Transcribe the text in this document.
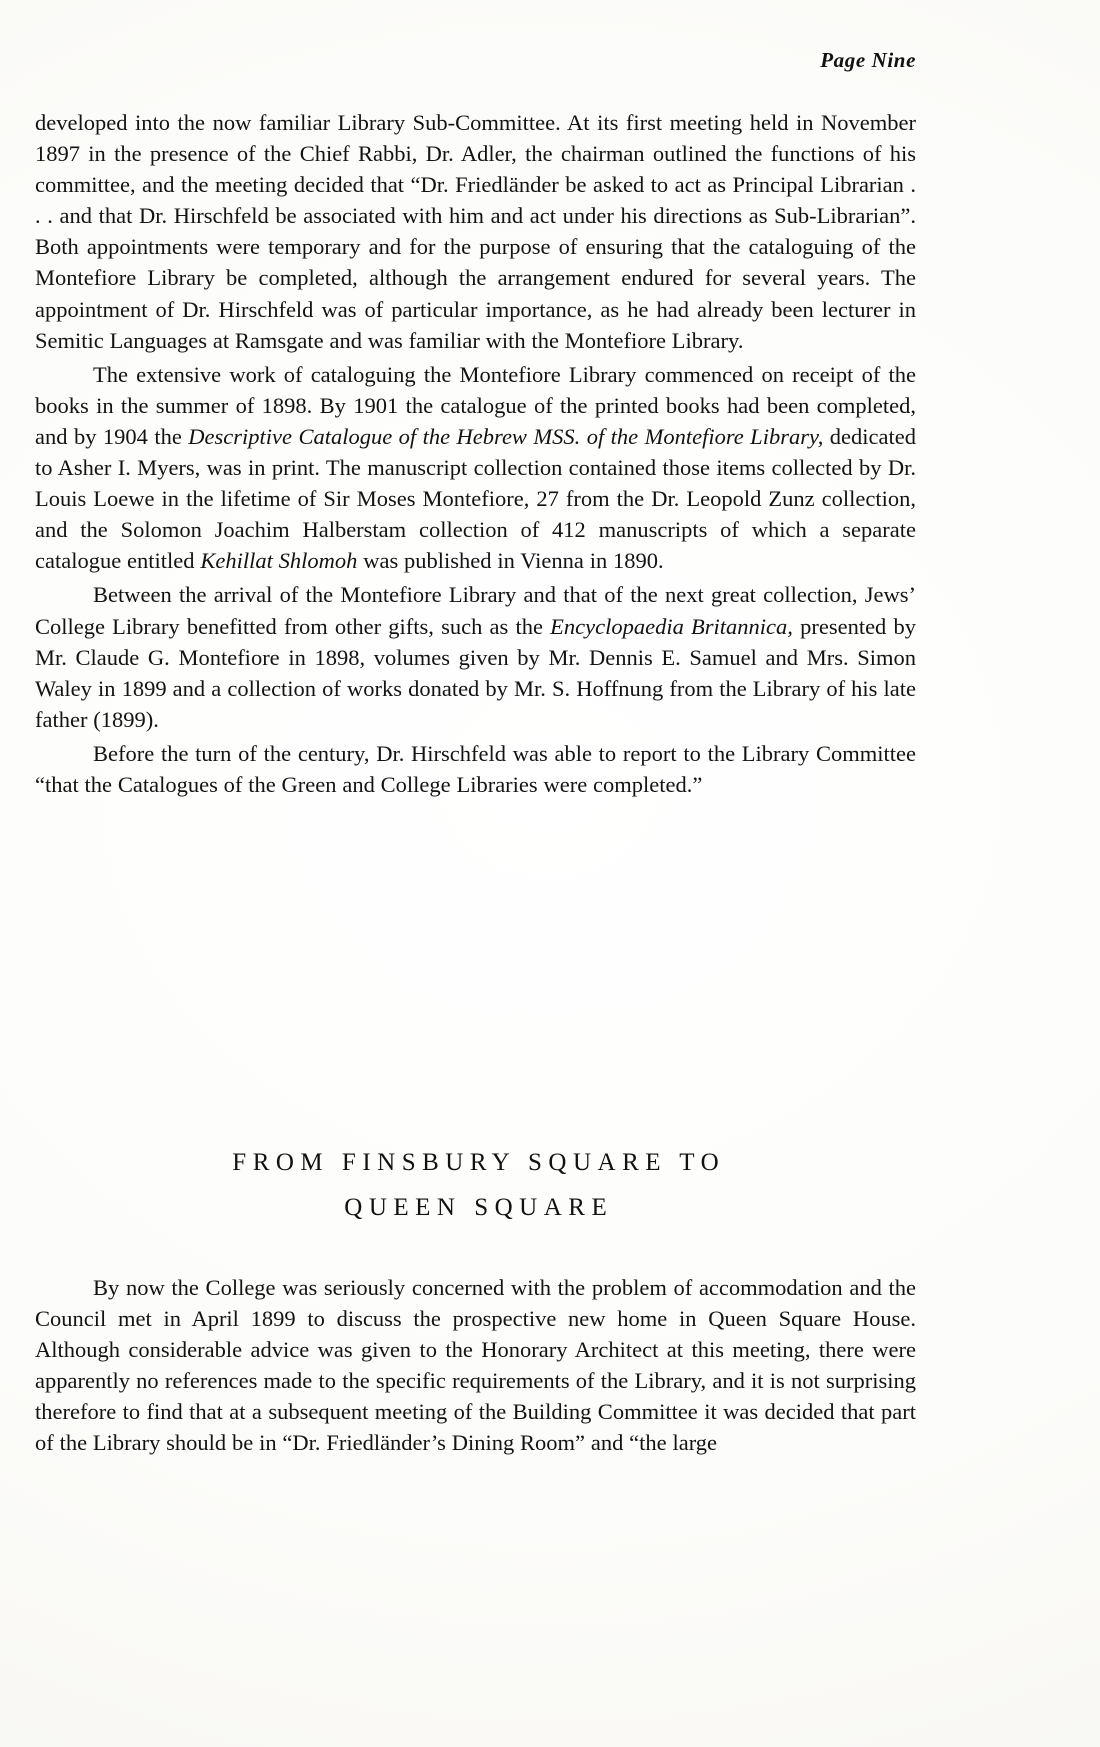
Page Nine

developed into the now familiar Library Sub-Committee. At its first meeting held in November 1897 in the presence of the Chief Rabbi, Dr. Adler, the chairman outlined the functions of his committee, and the meeting decided that “Dr. Friedländer be asked to act as Principal Librarian . . . and that Dr. Hirschfeld be associated with him and act under his directions as Sub-Librarian”. Both appointments were temporary and for the purpose of ensuring that the cataloguing of the Montefiore Library be completed, although the arrangement endured for several years. The appointment of Dr. Hirschfeld was of particular importance, as he had already been lecturer in Semitic Languages at Ramsgate and was familiar with the Montefiore Library.

The extensive work of cataloguing the Montefiore Library commenced on receipt of the books in the summer of 1898. By 1901 the catalogue of the printed books had been completed, and by 1904 the Descriptive Catalogue of the Hebrew MSS. of the Montefiore Library, dedicated to Asher I. Myers, was in print. The manuscript collection contained those items collected by Dr. Louis Loewe in the lifetime of Sir Moses Montefiore, 27 from the Dr. Leopold Zunz collection, and the Solomon Joachim Halberstam collection of 412 manuscripts of which a separate catalogue entitled Kehillat Shlomoh was published in Vienna in 1890.

Between the arrival of the Montefiore Library and that of the next great collection, Jews’ College Library benefitted from other gifts, such as the Encyclopaedia Britannica, presented by Mr. Claude G. Montefiore in 1898, volumes given by Mr. Dennis E. Samuel and Mrs. Simon Waley in 1899 and a collection of works donated by Mr. S. Hoffnung from the Library of his late father (1899).

Before the turn of the century, Dr. Hirschfeld was able to report to the Library Committee “that the Catalogues of the Green and College Libraries were completed.”

FROM FINSBURY SQUARE TO
QUEEN SQUARE

By now the College was seriously concerned with the problem of accommodation and the Council met in April 1899 to discuss the prospective new home in Queen Square House. Although considerable advice was given to the Honorary Architect at this meeting, there were apparently no references made to the specific requirements of the Library, and it is not surprising therefore to find that at a subsequent meeting of the Building Committee it was decided that part of the Library should be in “Dr. Friedländer’s Dining Room” and “the large
